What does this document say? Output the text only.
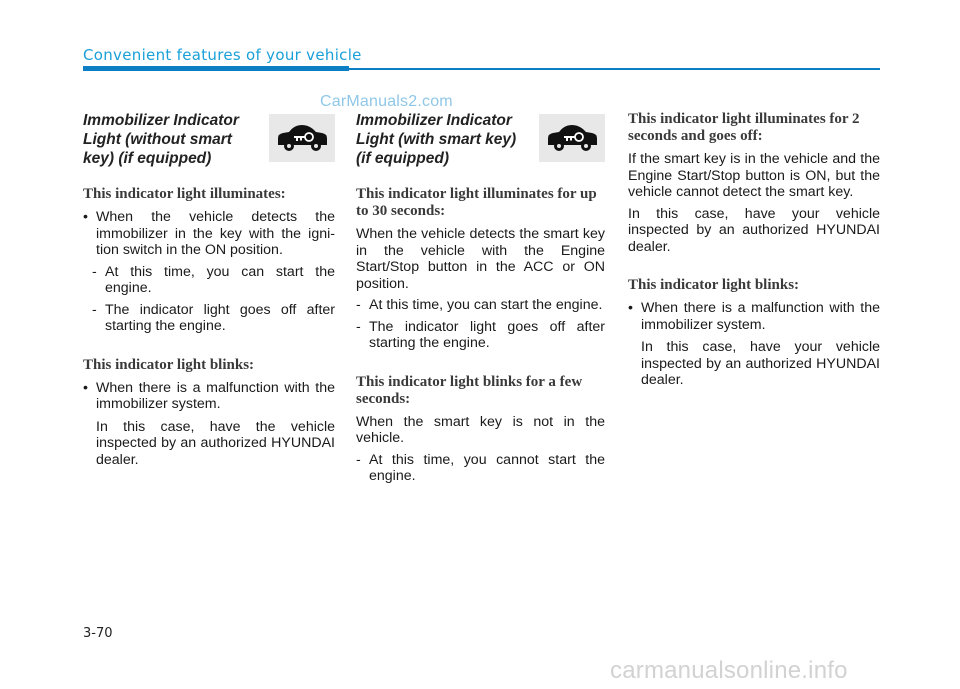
Convenient features of your vehicle
CarManuals2.com
Immobilizer Indicator Light (without smart key) (if equipped)
This indicator light illuminates:
• When the vehicle detects the immobilizer in the key with the igni-tion switch in the ON position.
- At this time, you can start the engine.
- The indicator light goes off after starting the engine.
This indicator light blinks:
• When there is a malfunction with the immobilizer system.
In this case, have the vehicle inspected by an authorized HYUNDAI dealer.
Immobilizer Indicator Light (with smart key) (if equipped)
This indicator light illuminates for up to 30 seconds:
When the vehicle detects the smart key in the vehicle with the Engine Start/Stop button in the ACC or ON position.
- At this time, you can start the engine.
- The indicator light goes off after starting the engine.
This indicator light blinks for a few seconds:
When the smart key is not in the vehicle.
- At this time, you cannot start the engine.
This indicator light illuminates for 2 seconds and goes off:
If the smart key is in the vehicle and the Engine Start/Stop button is ON, but the vehicle cannot detect the smart key.
In this case, have your vehicle inspected by an authorized HYUNDAI dealer.
This indicator light blinks:
• When there is a malfunction with the immobilizer system.
In this case, have your vehicle inspected by an authorized HYUNDAI dealer.
3-70
carmanualsonline.info
